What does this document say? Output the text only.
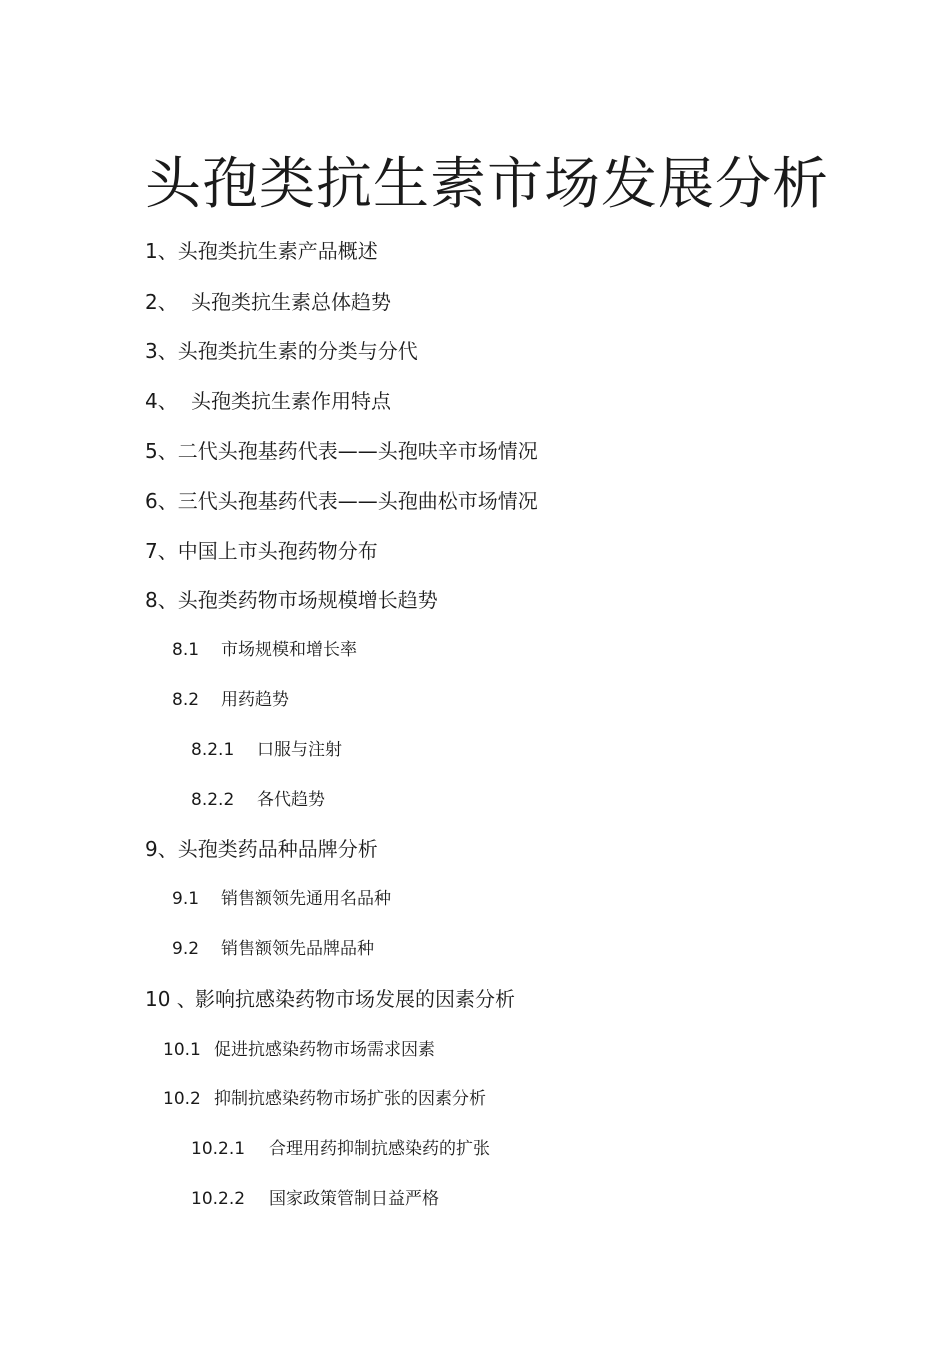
头孢类抗生素市场发展分析
1、头孢类抗生素产品概述
2、 头孢类抗生素总体趋势
3、头孢类抗生素的分类与分代
4、 头孢类抗生素作用特点
5、二代头孢基药代表——头孢呋辛市场情况
6、三代头孢基药代表——头孢曲松市场情况
7、中国上市头孢药物分布
8、头孢类药物市场规模增长趋势
8.1 市场规模和增长率
8.2 用药趋势
8.2.1 口服与注射
8.2.2 各代趋势
9、头孢类药品种品牌分析
9.1 销售额领先通用名品种
9.2 销售额领先品牌品种
10 、影响抗感染药物市场发展的因素分析
10.1 促进抗感染药物市场需求因素
10.2 抑制抗感染药物市场扩张的因素分析
10.2.1 合理用药抑制抗感染药的扩张
10.2.2 国家政策管制日益严格
